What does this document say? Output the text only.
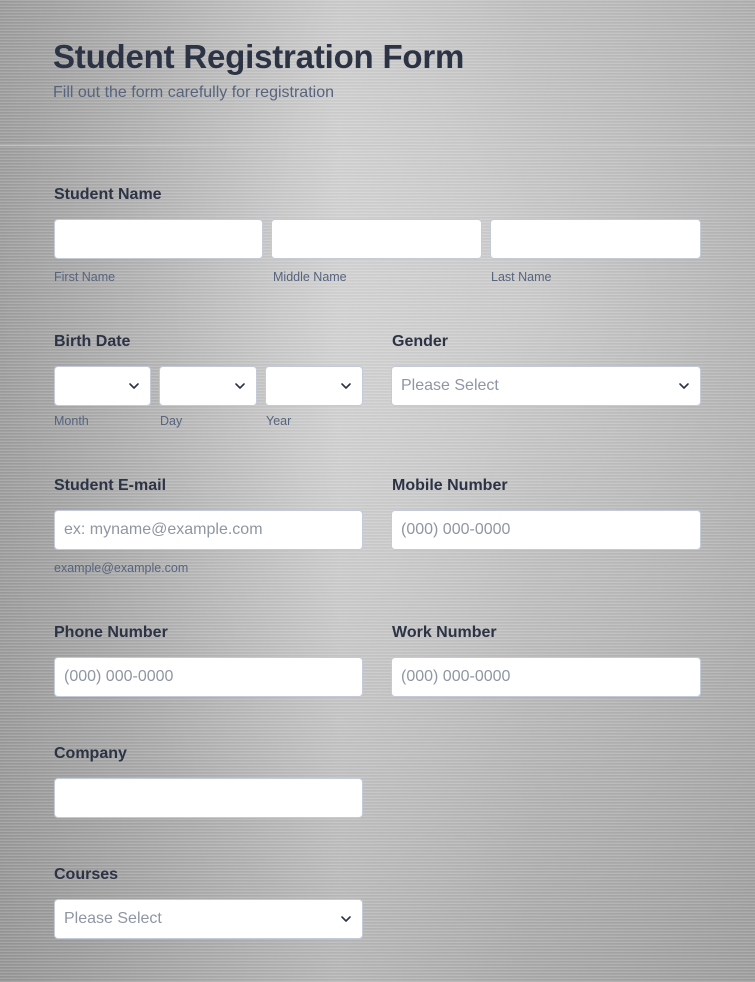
Student Registration Form
Fill out the form carefully for registration
Student Name
First Name	Middle Name	Last Name
Birth Date
Month	Day	Year
Gender
Please Select
Student E-mail
ex: myname@example.com
example@example.com
Mobile Number
(000) 000-0000
Phone Number
(000) 000-0000
Work Number
(000) 000-0000
Company
Courses
Please Select
